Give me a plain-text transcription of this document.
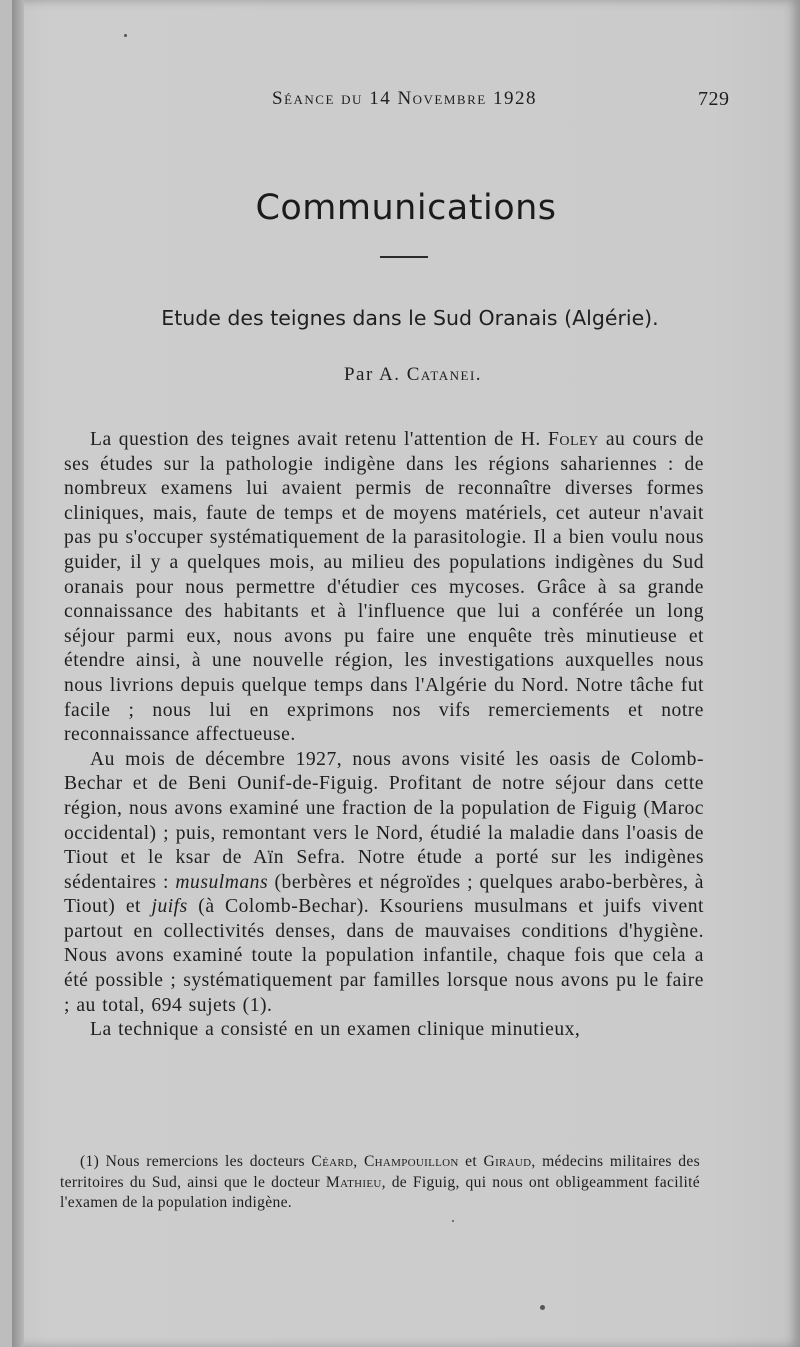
Séance du 14 Novembre 1928	729
Communications
Etude des teignes dans le Sud Oranais (Algérie).
Par A. Catanei.

La question des teignes avait retenu l'attention de H. Foley au cours de ses études sur la pathologie indigène dans les régions sahariennes : de nombreux examens lui avaient permis de reconnaître diverses formes cliniques, mais, faute de temps et de moyens matériels, cet auteur n'avait pas pu s'occuper systématiquement de la parasitologie. Il a bien voulu nous guider, il y a quelques mois, au milieu des populations indigènes du Sud oranais pour nous permettre d'étudier ces mycoses. Grâce à sa grande connaissance des habitants et à l'influence que lui a conférée un long séjour parmi eux, nous avons pu faire une enquête très minutieuse et étendre ainsi, à une nouvelle région, les investigations auxquelles nous nous livrions depuis quelque temps dans l'Algérie du Nord. Notre tâche fut facile ; nous lui en exprimons nos vifs remerciements et notre reconnaissance affectueuse.

Au mois de décembre 1927, nous avons visité les oasis de Colomb-Bechar et de Beni Ounif-de-Figuig. Profitant de notre séjour dans cette région, nous avons examiné une fraction de la population de Figuig (Maroc occidental) ; puis, remontant vers le Nord, étudié la maladie dans l'oasis de Tiout et le ksar de Aïn Sefra. Notre étude a porté sur les indigènes sédentaires : musulmans (berbères et négroïdes ; quelques arabo-berbères, à Tiout) et juifs (à Colomb-Bechar). Ksouriens musulmans et juifs vivent partout en collectivités denses, dans de mauvaises conditions d'hygiène. Nous avons examiné toute la population infantile, chaque fois que cela a été possible ; systématiquement par familles lorsque nous avons pu le faire ; au total, 694 sujets (1).

La technique a consisté en un examen clinique minutieux,

(1) Nous remercions les docteurs Céard, Champouillon et Giraud, médecins militaires des territoires du Sud, ainsi que le docteur Mathieu, de Figuig, qui nous ont obligeamment facilité l'examen de la population indigène.
